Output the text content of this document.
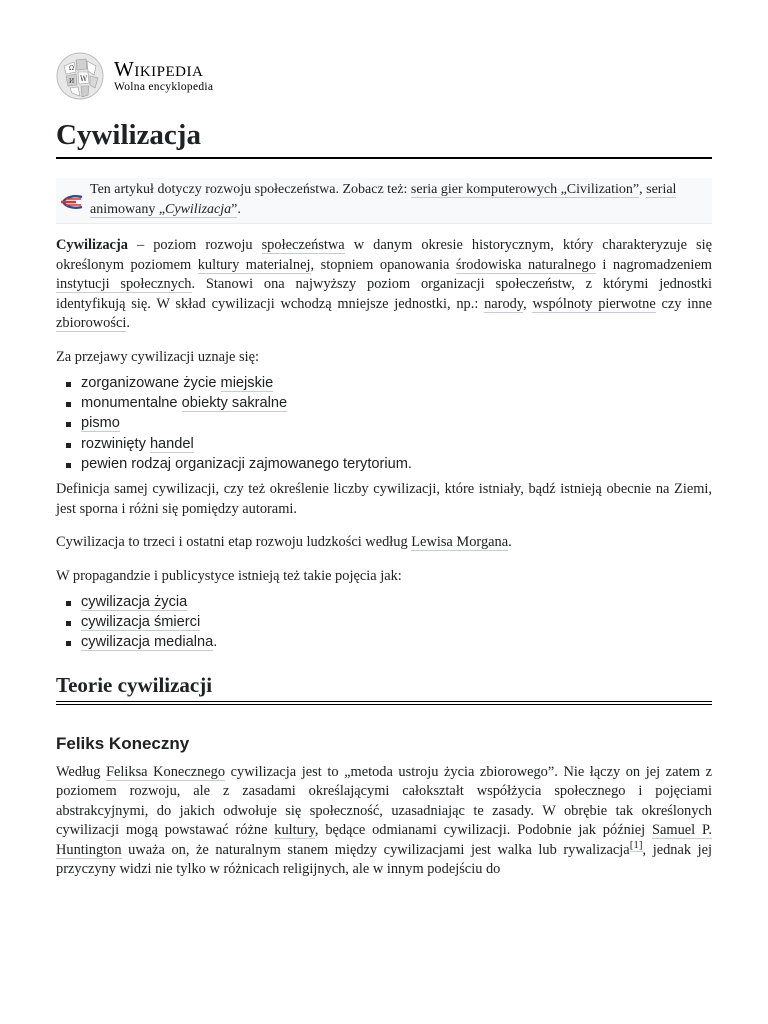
Ω
W
И
Wikipedia
Wolna encyklopedia
Cywilizacja
Ten artykuł dotyczy rozwoju społeczeństwa. Zobacz też: seria gier komputerowych „Civilization”, serial animowany „Cywilizacja”.

Cywilizacja – poziom rozwoju społeczeństwa w danym okresie historycznym, który charakteryzuje się określonym poziomem kultury materialnej, stopniem opanowania środowiska naturalnego i nagromadzeniem instytucji społecznych. Stanowi ona najwyższy poziom organizacji społeczeństw, z którymi jednostki identyfikują się. W skład cywilizacji wchodzą mniejsze jednostki, np.: narody, wspólnoty pierwotne czy inne zbiorowości.

Za przejawy cywilizacji uznaje się:

zorganizowane życie miejskie
monumentalne obiekty sakralne
pismo
rozwinięty handel
pewien rodzaj organizacji zajmowanego terytorium.

Definicja samej cywilizacji, czy też określenie liczby cywilizacji, które istniały, bądź istnieją obecnie na Ziemi, jest sporna i różni się pomiędzy autorami.

Cywilizacja to trzeci i ostatni etap rozwoju ludzkości według Lewisa Morgana.

W propagandzie i publicystyce istnieją też takie pojęcia jak:

cywilizacja życia
cywilizacja śmierci
cywilizacja medialna.
Teorie cywilizacji
Feliks Koneczny

Według Feliksa Konecznego cywilizacja jest to „metoda ustroju życia zbiorowego”. Nie łączy on jej zatem z poziomem rozwoju, ale z zasadami określającymi całokształt współżycia społecznego i pojęciami abstrakcyjnymi, do jakich odwołuje się społeczność, uzasadniając te zasady. W obrębie tak określonych cywilizacji mogą powstawać różne kultury, będące odmianami cywilizacji. Podobnie jak później Samuel P. Huntington uważa on, że naturalnym stanem między cywilizacjami jest walka lub rywalizacja[1], jednak jej przyczyny widzi nie tylko w różnicach religijnych, ale w innym podejściu do
